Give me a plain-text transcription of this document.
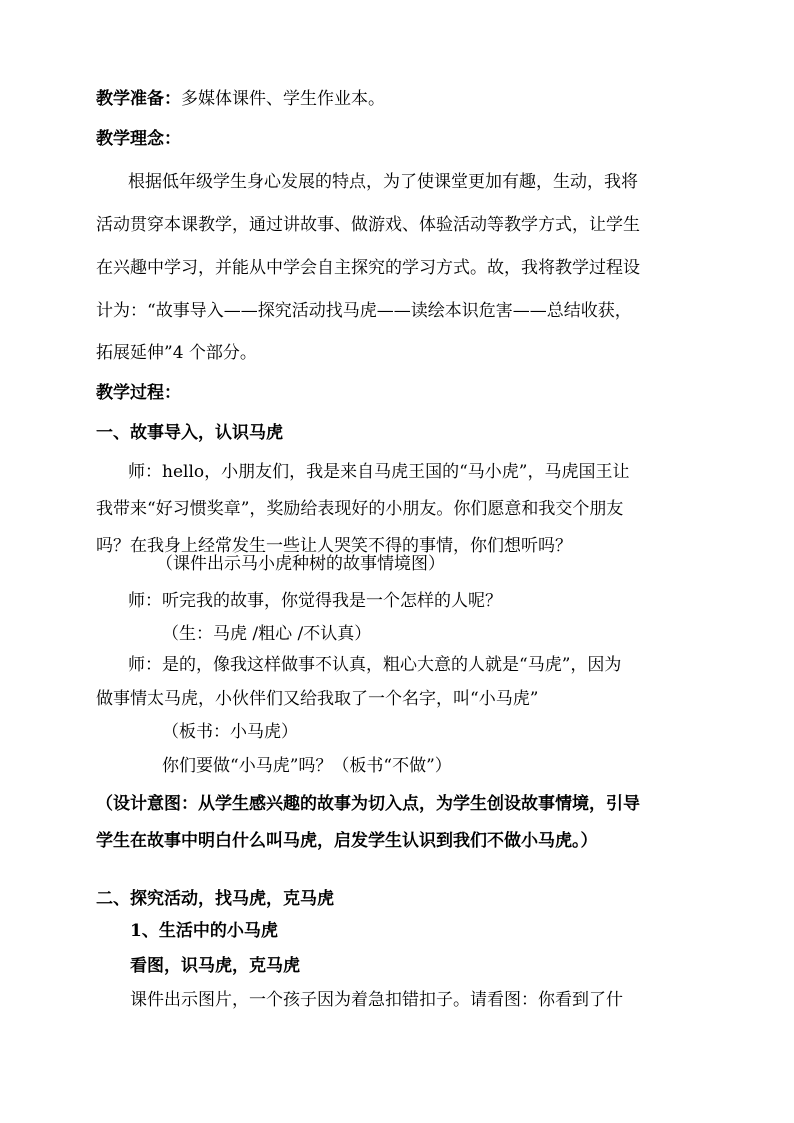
教学准备：多媒体课件、学生作业本。
教学理念：
根据低年级学生身心发展的特点，为了使课堂更加有趣，生动，我将
活动贯穿本课教学，通过讲故事、做游戏、体验活动等教学方式，让学生
在兴趣中学习，并能从中学会自主探究的学习方式。故，我将教学过程设
计为：“故事导入——探究活动找马虎——读绘本识危害——总结收获，
拓展延伸”4 个部分。
教学过程：
一、故事导入，认识马虎
师：hello，小朋友们，我是来自马虎王国的“马小虎”，马虎国王让
我带来“好习惯奖章”，奖励给表现好的小朋友。你们愿意和我交个朋友
吗？在我身上经常发生一些让人哭笑不得的事情，你们想听吗？
（课件出示马小虎种树的故事情境图）
师：听完我的故事，你觉得我是一个怎样的人呢？
（生：马虎 /粗心 /不认真）
师：是的，像我这样做事不认真，粗心大意的人就是“马虎”，因为
做事情太马虎，小伙伴们又给我取了一个名字，叫“小马虎”
（板书：小马虎）
你们要做“小马虎”吗？（板书“不做”）
（设计意图：从学生感兴趣的故事为切入点，为学生创设故事情境，引导
学生在故事中明白什么叫马虎，启发学生认识到我们不做小马虎。）
二、探究活动，找马虎，克马虎
1、生活中的小马虎
看图，识马虎，克马虎
课件出示图片，一个孩子因为着急扣错扣子。请看图：你看到了什
